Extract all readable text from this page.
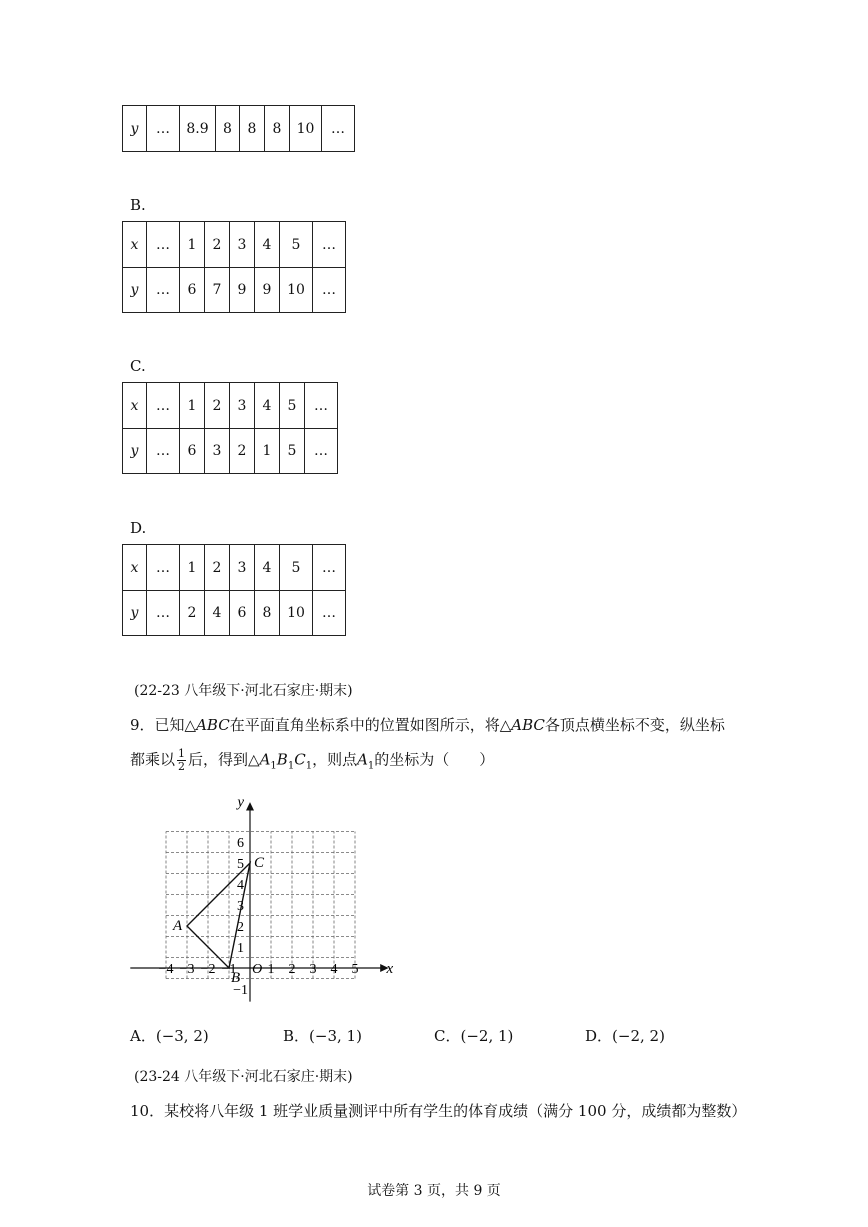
y	…	8.9	8	8	8	10	…
B.
x	…	1	2	3	4	5	…
y	…	6	7	9	9	10	…
C.
x	…	1	2	3	4	5	…
y	…	6	3	2	1	5	…
D.
x	…	1	2	3	4	5	…
y	…	2	4	6	8	10	…
(22-23 八年级下·河北石家庄·期末)
9．已知△ABC在平面直角坐标系中的位置如图所示，将△ABC各顶点横坐标不变，纵坐标
都乘以 $\frac{1}{2}$ 后，得到$\triangle A_1B_1C_1$，则点$A_1$的坐标为（　　）
x
y
O
−4 −3 −2 −1 1 2 3 4 5
6
5
4
3
2
1
−1
A
B
C
A．(−3, 2)	B．(−3, 1)	C．(−2, 1)	D．(−2, 2)
(23-24 八年级下·河北石家庄·期末)
10．某校将八年级 1 班学业质量测评中所有学生的体育成绩（满分 100 分，成绩都为整数）
试卷第 3 页，共 9 页
